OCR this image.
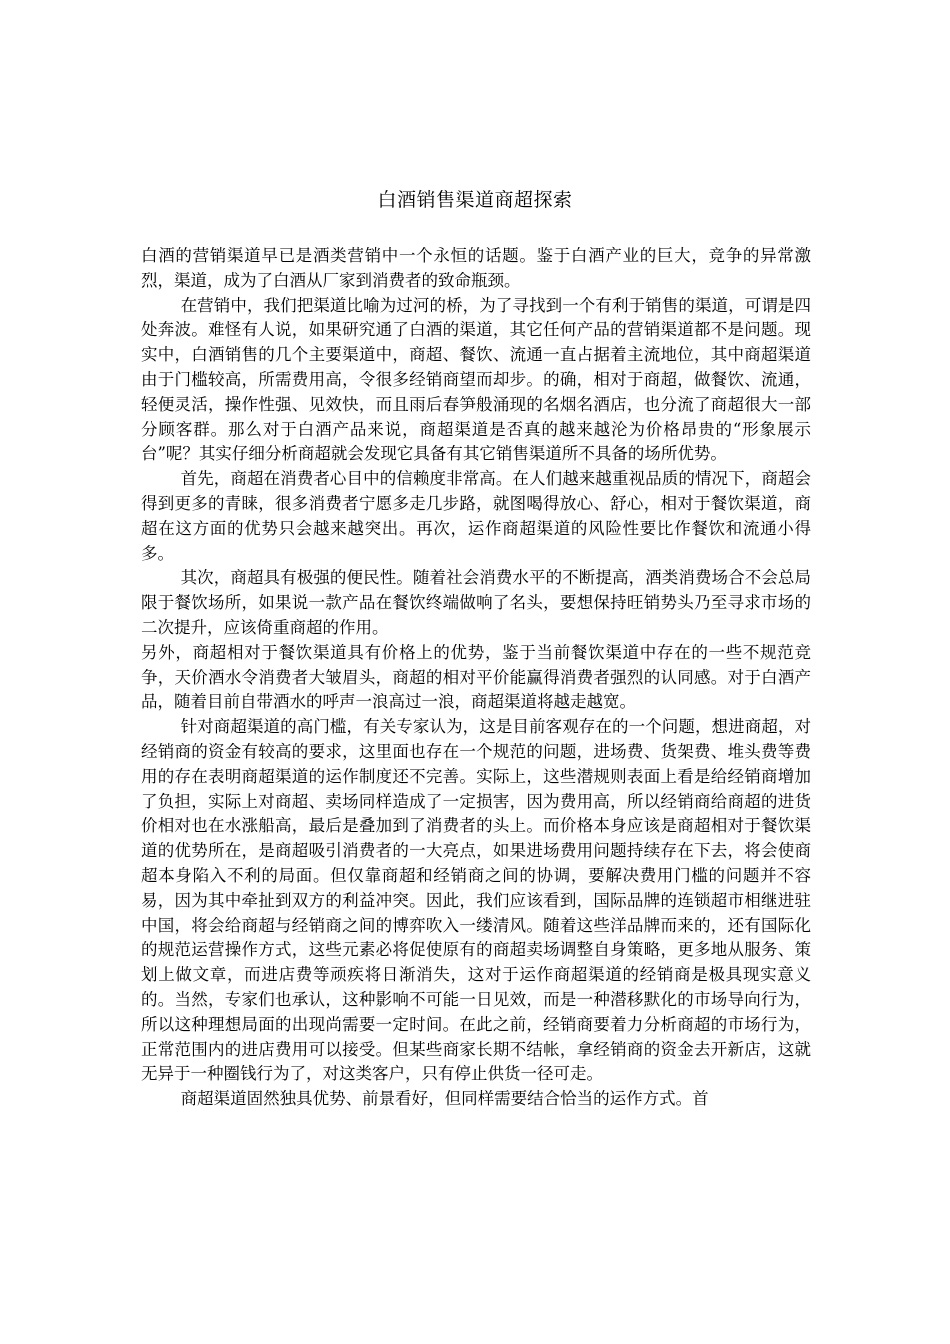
白酒销售渠道商超探索

白酒的营销渠道早已是酒类营销中一个永恒的话题。鉴于白酒产业的巨大，竞争的异常激烈，渠道，成为了白酒从厂家到消费者的致命瓶颈。

在营销中，我们把渠道比喻为过河的桥，为了寻找到一个有利于销售的渠道，可谓是四处奔波。难怪有人说，如果研究通了白酒的渠道，其它任何产品的营销渠道都不是问题。现实中，白酒销售的几个主要渠道中，商超、餐饮、流通一直占据着主流地位，其中商超渠道由于门槛较高，所需费用高，令很多经销商望而却步。的确，相对于商超，做餐饮、流通，轻便灵活，操作性强、见效快，而且雨后春笋般涌现的名烟名酒店，也分流了商超很大一部分顾客群。那么对于白酒产品来说，商超渠道是否真的越来越沦为价格昂贵的“形象展示台”呢？其实仔细分析商超就会发现它具备有其它销售渠道所不具备的场所优势。

首先，商超在消费者心目中的信赖度非常高。在人们越来越重视品质的情况下，商超会得到更多的青睐，很多消费者宁愿多走几步路，就图喝得放心、舒心，相对于餐饮渠道，商超在这方面的优势只会越来越突出。再次，运作商超渠道的风险性要比作餐饮和流通小得多。

其次，商超具有极强的便民性。随着社会消费水平的不断提高，酒类消费场合不会总局限于餐饮场所，如果说一款产品在餐饮终端做响了名头，要想保持旺销势头乃至寻求市场的二次提升，应该倚重商超的作用。

另外，商超相对于餐饮渠道具有价格上的优势，鉴于当前餐饮渠道中存在的一些不规范竞争，天价酒水令消费者大皱眉头，商超的相对平价能赢得消费者强烈的认同感。对于白酒产品，随着目前自带酒水的呼声一浪高过一浪，商超渠道将越走越宽。

针对商超渠道的高门槛，有关专家认为，这是目前客观存在的一个问题，想进商超，对经销商的资金有较高的要求，这里面也存在一个规范的问题，进场费、货架费、堆头费等费用的存在表明商超渠道的运作制度还不完善。实际上，这些潜规则表面上看是给经销商增加了负担，实际上对商超、卖场同样造成了一定损害，因为费用高，所以经销商给商超的进货价相对也在水涨船高，最后是叠加到了消费者的头上。而价格本身应该是商超相对于餐饮渠道的优势所在，是商超吸引消费者的一大亮点，如果进场费用问题持续存在下去，将会使商超本身陷入不利的局面。但仅靠商超和经销商之间的协调，要解决费用门槛的问题并不容易，因为其中牵扯到双方的利益冲突。因此，我们应该看到，国际品牌的连锁超市相继进驻中国，将会给商超与经销商之间的博弈吹入一缕清风。随着这些洋品牌而来的，还有国际化的规范运营操作方式，这些元素必将促使原有的商超卖场调整自身策略，更多地从服务、策划上做文章，而进店费等顽疾将日渐消失，这对于运作商超渠道的经销商是极具现实意义的。当然，专家们也承认，这种影响不可能一日见效，而是一种潜移默化的市场导向行为，所以这种理想局面的出现尚需要一定时间。在此之前，经销商要着力分析商超的市场行为，正常范围内的进店费用可以接受。但某些商家长期不结帐，拿经销商的资金去开新店，这就无异于一种圈钱行为了，对这类客户，只有停止供货一径可走。

商超渠道固然独具优势、前景看好，但同样需要结合恰当的运作方式。首
